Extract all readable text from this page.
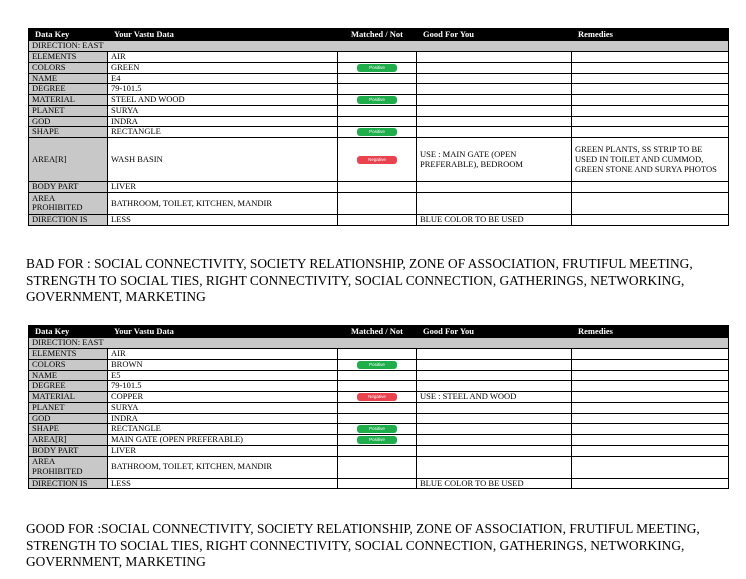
Data Key	Your Vastu Data	Matched / Not	Good For You	Remedies
DIRECTION: EAST				
ELEMENTS	AIR			
COLORS	GREEN	Positive		
NAME	E4			
DEGREE	79-101.5			
MATERIAL	STEEL AND WOOD	Positive		
PLANET	SURYA			
GOD	INDRA			
SHAPE	RECTANGLE	Positive		
AREA[R]	WASH BASIN	Negative	USE : MAIN GATE (OPEN PREFERABLE), BEDROOM	GREEN PLANTS, SS STRIP TO BE USED IN TOILET AND CUMMOD, GREEN STONE AND SURYA PHOTOS
BODY PART	LIVER			
AREA PROHIBITED	BATHROOM, TOILET, KITCHEN, MANDIR			
DIRECTION IS	LESS		BLUE COLOR TO BE USED	

BAD FOR : SOCIAL CONNECTIVITY, SOCIETY RELATIONSHIP, ZONE OF ASSOCIATION, FRUTIFUL MEETING, STRENGTH TO SOCIAL TIES, RIGHT CONNECTIVITY, SOCIAL CONNECTION, GATHERINGS, NETWORKING, GOVERNMENT, MARKETING

Data Key	Your Vastu Data	Matched / Not	Good For You	Remedies
DIRECTION: EAST				
ELEMENTS	AIR			
COLORS	BROWN	Positive		
NAME	E5			
DEGREE	79-101.5			
MATERIAL	COPPER	Negative	USE : STEEL AND WOOD	
PLANET	SURYA			
GOD	INDRA			
SHAPE	RECTANGLE	Positive		
AREA[R]	MAIN GATE (OPEN PREFERABLE)	Positive		
BODY PART	LIVER			
AREA PROHIBITED	BATHROOM, TOILET, KITCHEN, MANDIR			
DIRECTION IS	LESS		BLUE COLOR TO BE USED	

GOOD FOR :SOCIAL CONNECTIVITY, SOCIETY RELATIONSHIP, ZONE OF ASSOCIATION, FRUTIFUL MEETING, STRENGTH TO SOCIAL TIES, RIGHT CONNECTIVITY, SOCIAL CONNECTION, GATHERINGS, NETWORKING, GOVERNMENT, MARKETING
